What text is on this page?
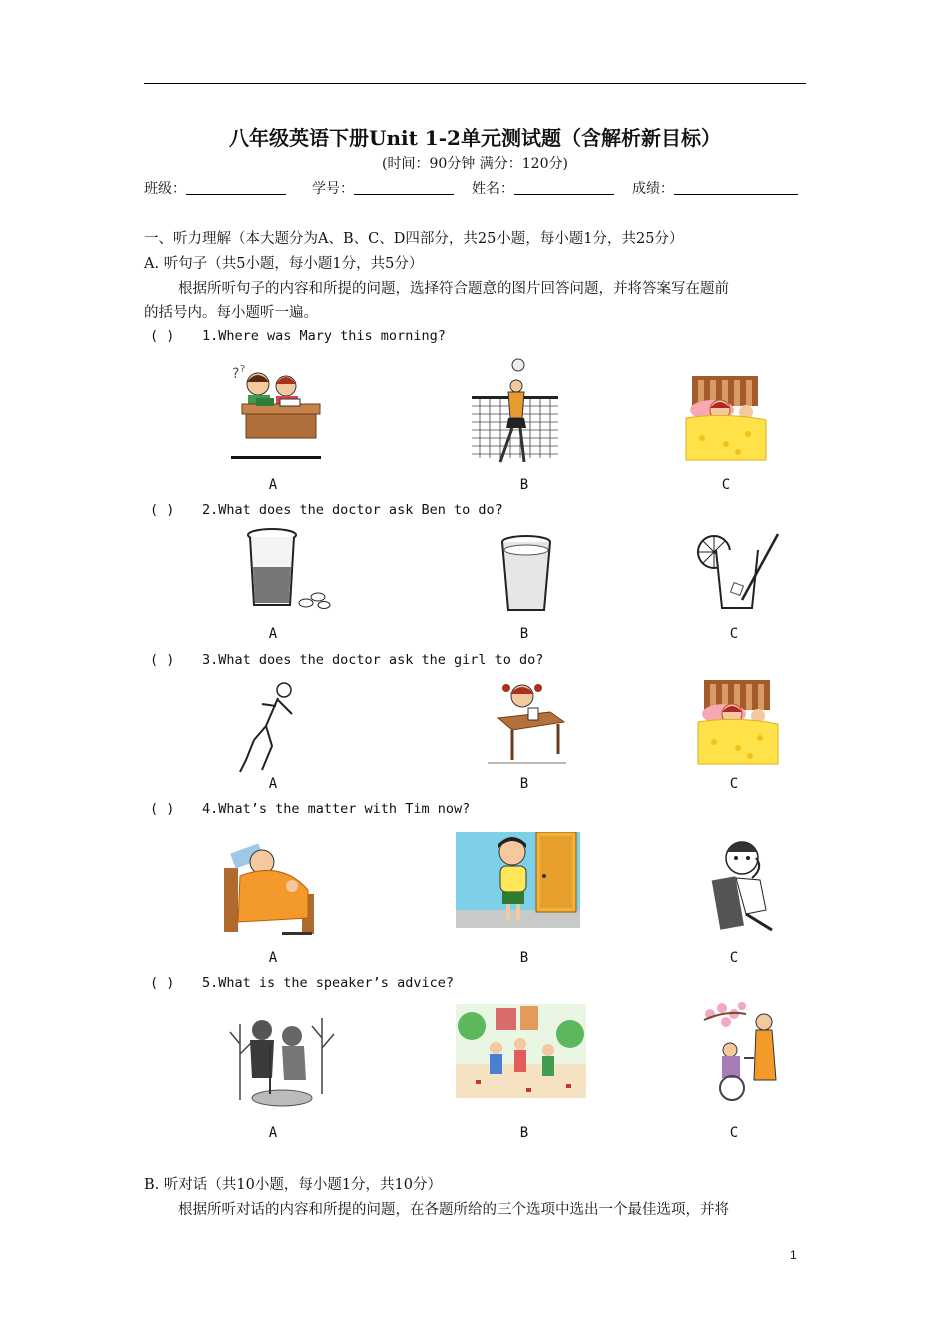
八年级英语下册Unit 1-2单元测试题（含解析新目标）
(时间：90分钟 满分：120分)
班级：	学号：	姓名：	成绩：
一、听力理解（本大题分为A、B、C、D四部分，共25小题，每小题1分，共25分）
A. 听句子（共5小题，每小题1分，共5分）
根据所听句子的内容和所提的问题，选择符合题意的图片回答问题，并将答案写在题前
的括号内。每小题听一遍。
( ) 1.Where was Mary this morning?
? ?
A	B	C
( ) 2.What does the doctor ask Ben to do?
A	B	C
( ) 3.What does the doctor ask the girl to do?
A	B	C
( ) 4.What’s the matter with Tim now?
A	B	C
( ) 5.What is the speaker’s advice?
A	B	C
B. 听对话（共10小题，每小题1分，共10分）
根据所听对话的内容和所提的问题，在各题所给的三个选项中选出一个最佳选项，并将
1
